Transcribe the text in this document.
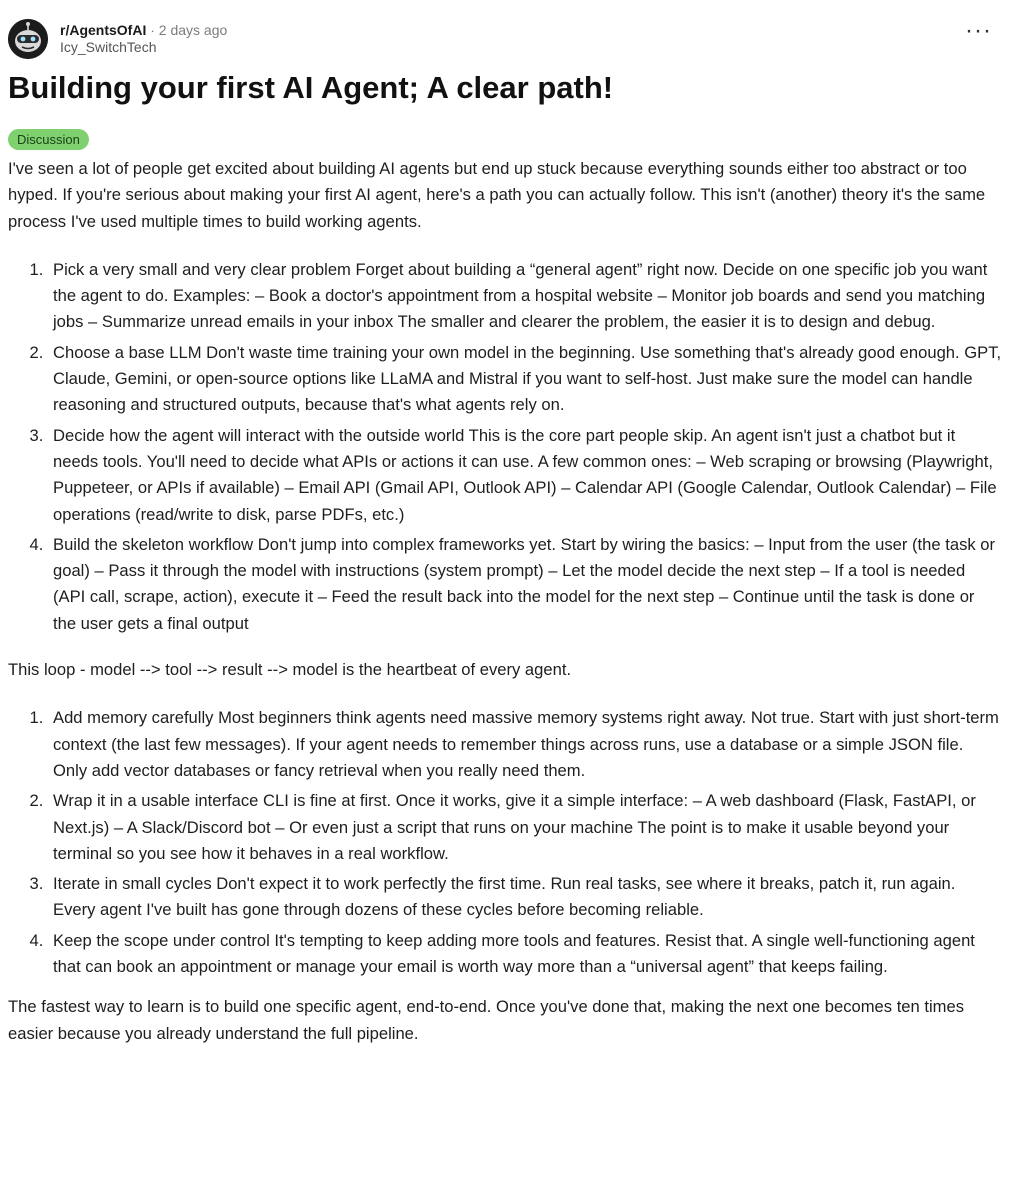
r/AgentsOfAI · 2 days ago
Icy_SwitchTech
···
Building your first AI Agent; A clear path!
Discussion

I've seen a lot of people get excited about building AI agents but end up stuck because everything sounds either too abstract or too hyped. If you're serious about making your first AI agent, here's a path you can actually follow. This isn't (another) theory it's the same process I've used multiple times to build working agents.

1. Pick a very small and very clear problem Forget about building a “general agent” right now. Decide on one specific job you want the agent to do. Examples: – Book a doctor's appointment from a hospital website – Monitor job boards and send you matching jobs – Summarize unread emails in your inbox The smaller and clearer the problem, the easier it is to design and debug.
2. Choose a base LLM Don't waste time training your own model in the beginning. Use something that's already good enough. GPT, Claude, Gemini, or open-source options like LLaMA and Mistral if you want to self-host. Just make sure the model can handle reasoning and structured outputs, because that's what agents rely on.
3. Decide how the agent will interact with the outside world This is the core part people skip. An agent isn't just a chatbot but it needs tools. You'll need to decide what APIs or actions it can use. A few common ones: – Web scraping or browsing (Playwright, Puppeteer, or APIs if available) – Email API (Gmail API, Outlook API) – Calendar API (Google Calendar, Outlook Calendar) – File operations (read/write to disk, parse PDFs, etc.)
4. Build the skeleton workflow Don't jump into complex frameworks yet. Start by wiring the basics: – Input from the user (the task or goal) – Pass it through the model with instructions (system prompt) – Let the model decide the next step – If a tool is needed (API call, scrape, action), execute it – Feed the result back into the model for the next step – Continue until the task is done or the user gets a final output

This loop - model --> tool --> result --> model is the heartbeat of every agent.

1. Add memory carefully Most beginners think agents need massive memory systems right away. Not true. Start with just short-term context (the last few messages). If your agent needs to remember things across runs, use a database or a simple JSON file. Only add vector databases or fancy retrieval when you really need them.
2. Wrap it in a usable interface CLI is fine at first. Once it works, give it a simple interface: – A web dashboard (Flask, FastAPI, or Next.js) – A Slack/Discord bot – Or even just a script that runs on your machine The point is to make it usable beyond your terminal so you see how it behaves in a real workflow.
3. Iterate in small cycles Don't expect it to work perfectly the first time. Run real tasks, see where it breaks, patch it, run again. Every agent I've built has gone through dozens of these cycles before becoming reliable.
4. Keep the scope under control It's tempting to keep adding more tools and features. Resist that. A single well-functioning agent that can book an appointment or manage your email is worth way more than a “universal agent” that keeps failing.

The fastest way to learn is to build one specific agent, end-to-end. Once you've done that, making the next one becomes ten times easier because you already understand the full pipeline.
